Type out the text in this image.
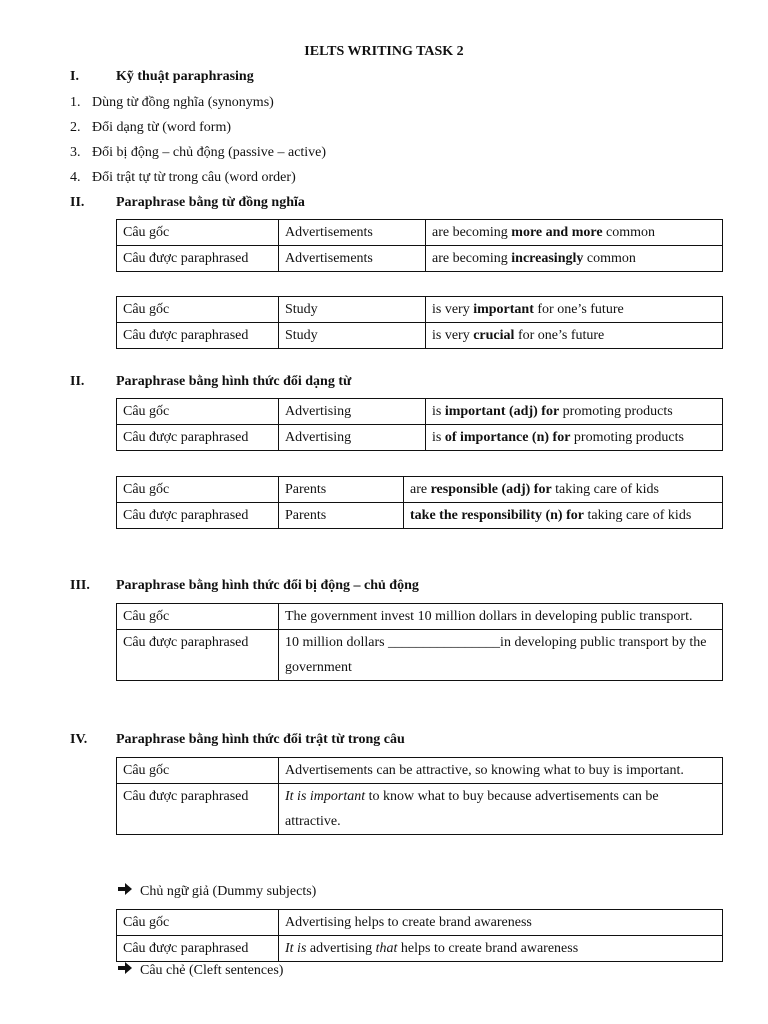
IELTS WRITING TASK 2
I.	Kỹ thuật paraphrasing
1. Dùng từ đồng nghĩa (synonyms)
2. Đổi dạng từ (word form)
3. Đổi bị động – chủ động (passive – active)
4. Đổi trật tự từ trong câu (word order)
II.	Paraphrase bằng từ đồng nghĩa
Câu gốc	Advertisements	are becoming more and more common
Câu được paraphrased	Advertisements	are becoming increasingly common
Câu gốc	Study	is very important for one’s future
Câu được paraphrased	Study	is very crucial for one’s future
II.	Paraphrase bằng hình thức đổi dạng từ
Câu gốc	Advertising	is important (adj) for promoting products
Câu được paraphrased	Advertising	is of importance (n) for promoting products
Câu gốc	Parents	are responsible (adj) for taking care of kids
Câu được paraphrased	Parents	take the responsibility (n) for taking care of kids
III.	Paraphrase bằng hình thức đổi bị động – chủ động
Câu gốc	The government invest 10 million dollars in developing public transport.
Câu được paraphrased	10 million dollars ________________in developing public transport by the government
IV.	Paraphrase bằng hình thức đổi trật từ trong câu
Câu gốc	Advertisements can be attractive, so knowing what to buy is important.
Câu được paraphrased	It is important to know what to buy because advertisements can be attractive.
Chủ ngữ giả (Dummy subjects)
Câu gốc	Advertising helps to create brand awareness
Câu được paraphrased	It is advertising that helps to create brand awareness
Câu chẻ (Cleft sentences)
